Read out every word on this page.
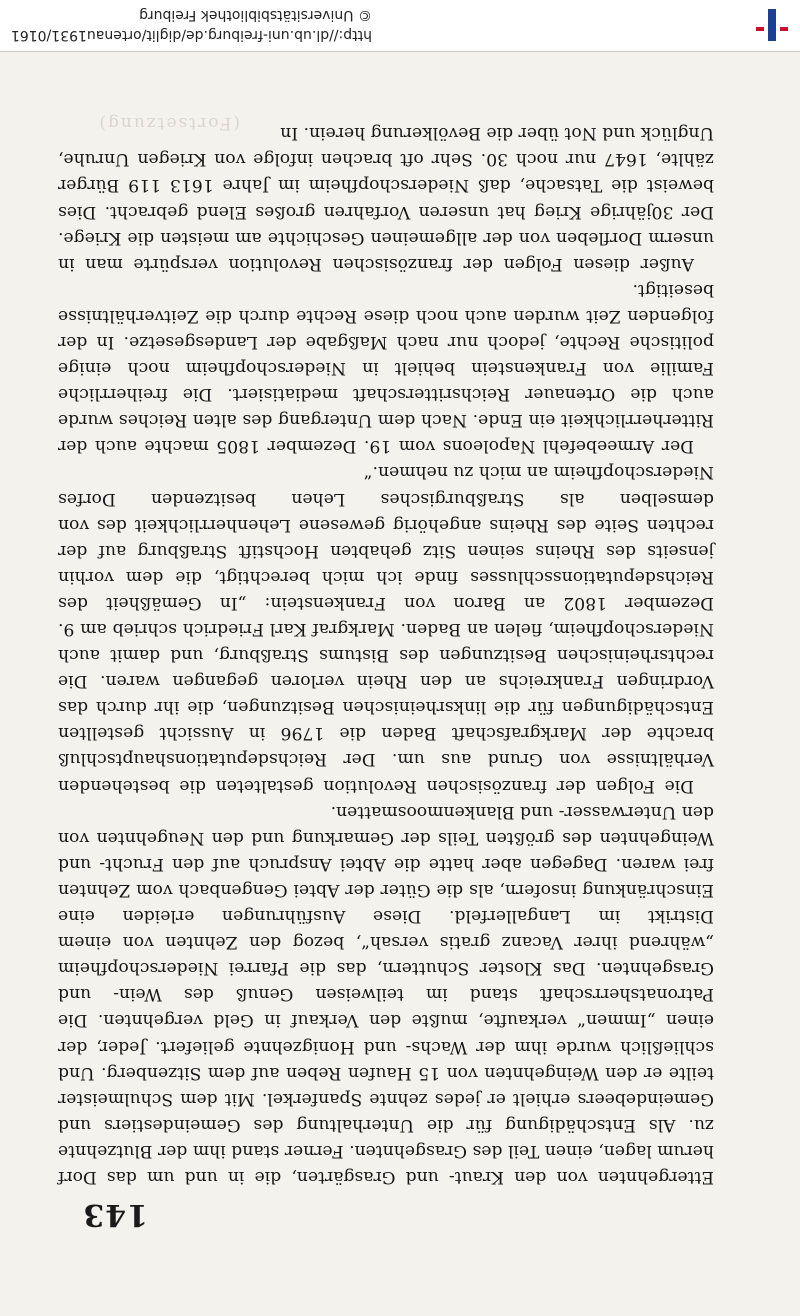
143

Ettergehnten von den Kraut- und Grasgärten, die in und um das Dorf herum lagen, einen Teil des Grasgehnten. Ferner stand ihm der Blutzehnte zu. Als Entschädigung für die Unterhaltung des Gemeindestiers und Gemeindebeers erhielt er jedes zehnte Spanferkel. Mit dem Schulmeister teilte er den Weingehnten von 15 Haufen Reben auf dem Sitzenberg. Und schließlich wurde ihm der Wachs- und Honigzehnte geliefert. Jeder, der einen „Immen“ verkaufte, mußte den Verkauf in Geld vergehnten. Die Patronatsherrschaft stand im teilweisen Genuß des Wein- und Grasgehnten. Das Kloster Schuttern, das die Pfarrei Niederschopfheim „während ihrer Vacanz gratis versah“, bezog den Zehnten von einem Distrikt im Langallerfeld. Diese Ausführungen erleiden eine Einschränkung insofern, als die Güter der Abtei Gengenbach vom Zehnten frei waren. Dagegen aber hatte die Abtei Anspruch auf den Frucht- und Weingehnten des größten Teils der Gemarkung und den Neugehnten von den Unterwasser- und Blankenmoosmatten.

Die Folgen der französischen Revolution gestalteten die bestehenden Verhältnisse von Grund aus um. Der Reichsdeputationshauptschluß brachte der Markgrafschaft Baden die 1796 in Aussicht gestellten Entschädigungen für die linksrheinischen Besitzungen, die ihr durch das Vordringen Frankreichs an den Rhein verloren gegangen waren. Die rechtsrheinischen Besitzungen des Bistums Straßburg, und damit auch Niederschopfheim, fielen an Baden. Markgraf Karl Friedrich schrieb am 9. Dezember 1802 an Baron von Frankenstein: „In Gemäßheit des Reichsdeputationsschlusses finde ich mich berechtigt, die dem vorhin jenseits des Rheins seinen Sitz gehabten Hochstift Straßburg auf der rechten Seite des Rheins angehörig gewesene Lehenherrlichkeit des von demselben als Straßburgisches Lehen besitzenden Dorfes Niederschopfheim an mich zu nehmen.“

Der Armeebefehl Napoleons vom 19. Dezember 1805 machte auch der Ritterherrlichkeit ein Ende. Nach dem Untergang des alten Reiches wurde auch die Ortenauer Reichsritterschaft mediatisiert. Die freiherrliche Familie von Frankenstein behielt in Niederschopfheim noch einige politische Rechte, jedoch nur nach Maßgabe der Landesgesetze. In der folgenden Zeit wurden auch noch diese Rechte durch die Zeitverhältnisse beseitigt.

Außer diesen Folgen der französischen Revolution verspürte man in unserm Dorfleben von der allgemeinen Geschichte am meisten die Kriege. Der 30jährige Krieg hat unseren Vorfahren großes Elend gebracht. Dies beweist die Tatsache, daß Niederschopfheim im Jahre 1613 119 Bürger zählte, 1647 nur noch 30. Sehr oft brachen infolge von Kriegen Unruhe, Unglück und Not über die Bevölkerung herein. In

(Fortsetzung)
http://dl.ub.uni-freiburg.de/diglit/ortenau1931/0161
© Universitätsbibliothek Freiburg
